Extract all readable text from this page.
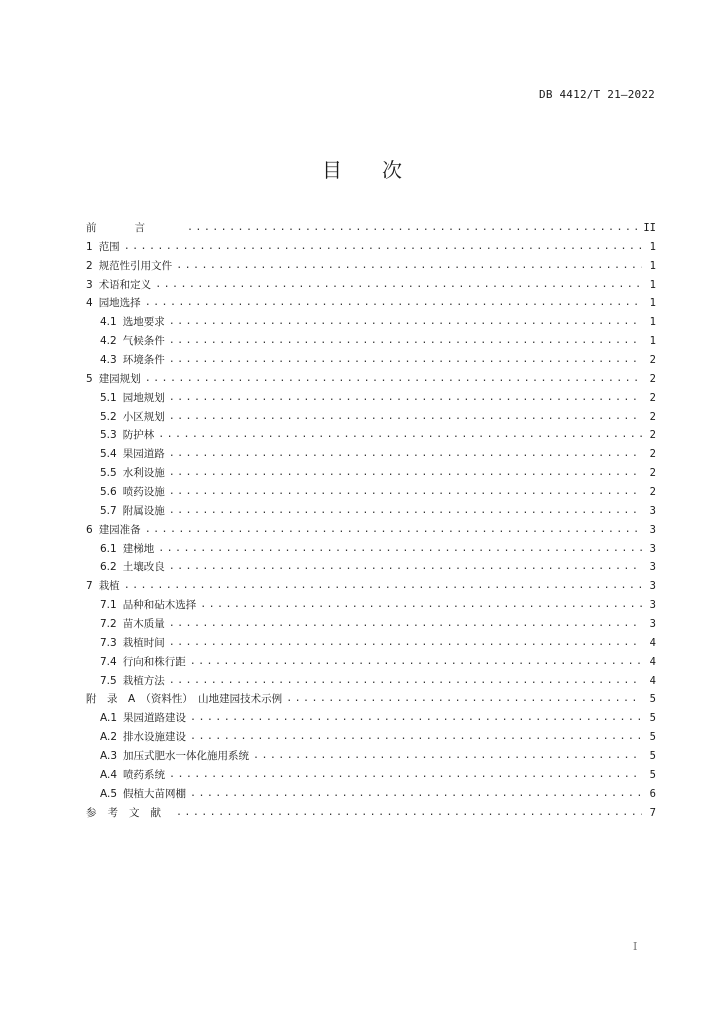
DB 4412/T 21—2022
目 次
前言 .....	II
1 范围 .....	1
2 规范性引用文件 .....	1
3 术语和定义 .....	1
4 园地选择 .....	1
4.1 选地要求 .....	1
4.2 气候条件 .....	1
4.3 环境条件 .....	2
5 建园规划 .....	2
5.1 园地规划 .....	2
5.2 小区规划 .....	2
5.3 防护林 .....	2
5.4 果园道路 .....	2
5.5 水利设施 .....	2
5.6 喷药设施 .....	2
5.7 附属设施 .....	3
6 建园准备 .....	3
6.1 建梯地 .....	3
6.2 土壤改良 .....	3
7 栽植 .....	3
7.1 品种和砧木选择 .....	3
7.2 苗木质量 .....	3
7.3 栽植时间 .....	4
7.4 行向和株行距 .....	4
7.5 栽植方法 .....	4
附　录　A　（资料性）　山地建园技术示例 .....	5
A.1 果园道路建设 .....	5
A.2 排水设施建设 .....	5
A.3 加压式肥水一体化施用系统 .....	5
A.4 喷药系统 .....	5
A.5 假植大苗网棚 .....	6
参考文献 .....	7
I
